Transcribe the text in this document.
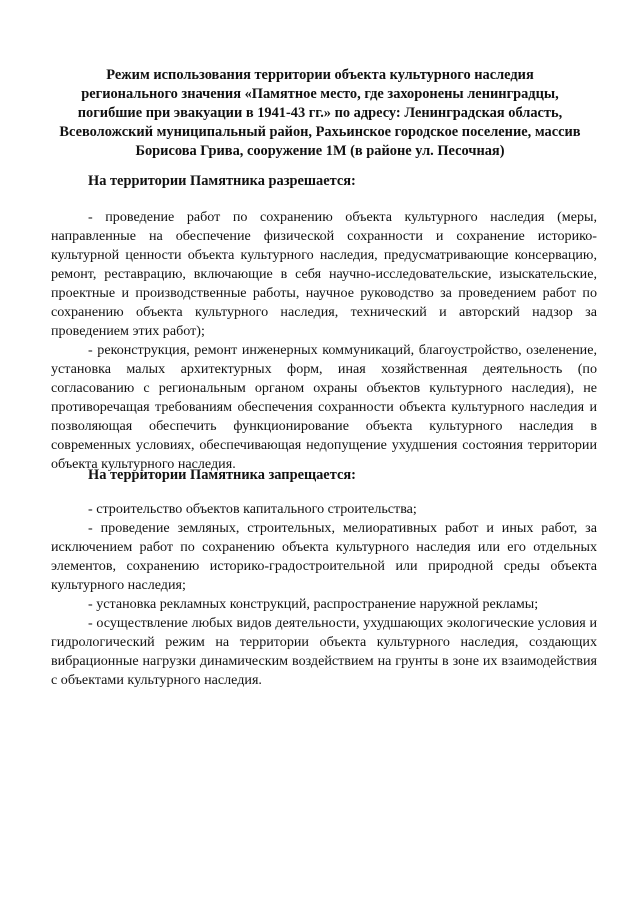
Режим использования территории объекта культурного наследия
регионального значения «Памятное место, где захоронены ленинградцы,
погибшие при эвакуации в 1941-43 гг.» по адресу: Ленинградская область,
Всеволожский муниципальный район, Рахьинское городское поселение, массив
Борисова Грива, сооружение 1М (в районе ул. Песочная)
На территории Памятника разрешается:

- проведение работ по сохранению объекта культурного наследия (меры, направленные на обеспечение физической сохранности и сохранение историко-культурной ценности объекта культурного наследия, предусматривающие консервацию, ремонт, реставрацию, включающие в себя научно-исследовательские, изыскательские, проектные и производственные работы, научное руководство за проведением работ по сохранению объекта культурного наследия, технический и авторский надзор за проведением этих работ);

- реконструкция, ремонт инженерных коммуникаций, благоустройство, озеленение, установка малых архитектурных форм, иная хозяйственная деятельность (по согласованию с региональным органом охраны объектов культурного наследия), не противоречащая требованиям обеспечения сохранности объекта культурного наследия и позволяющая обеспечить функционирование объекта культурного наследия в современных условиях, обеспечивающая недопущение ухудшения состояния территории объекта культурного наследия.

На территории Памятника запрещается:

- строительство объектов капитального строительства;

- проведение земляных, строительных, мелиоративных работ и иных работ, за исключением работ по сохранению объекта культурного наследия или его отдельных элементов, сохранению историко-градостроительной или природной среды объекта культурного наследия;

- установка рекламных конструкций, распространение наружной рекламы;

- осуществление любых видов деятельности, ухудшающих экологические условия и гидрологический режим на территории объекта культурного наследия, создающих вибрационные нагрузки динамическим воздействием на грунты в зоне их взаимодействия с объектами культурного наследия.
